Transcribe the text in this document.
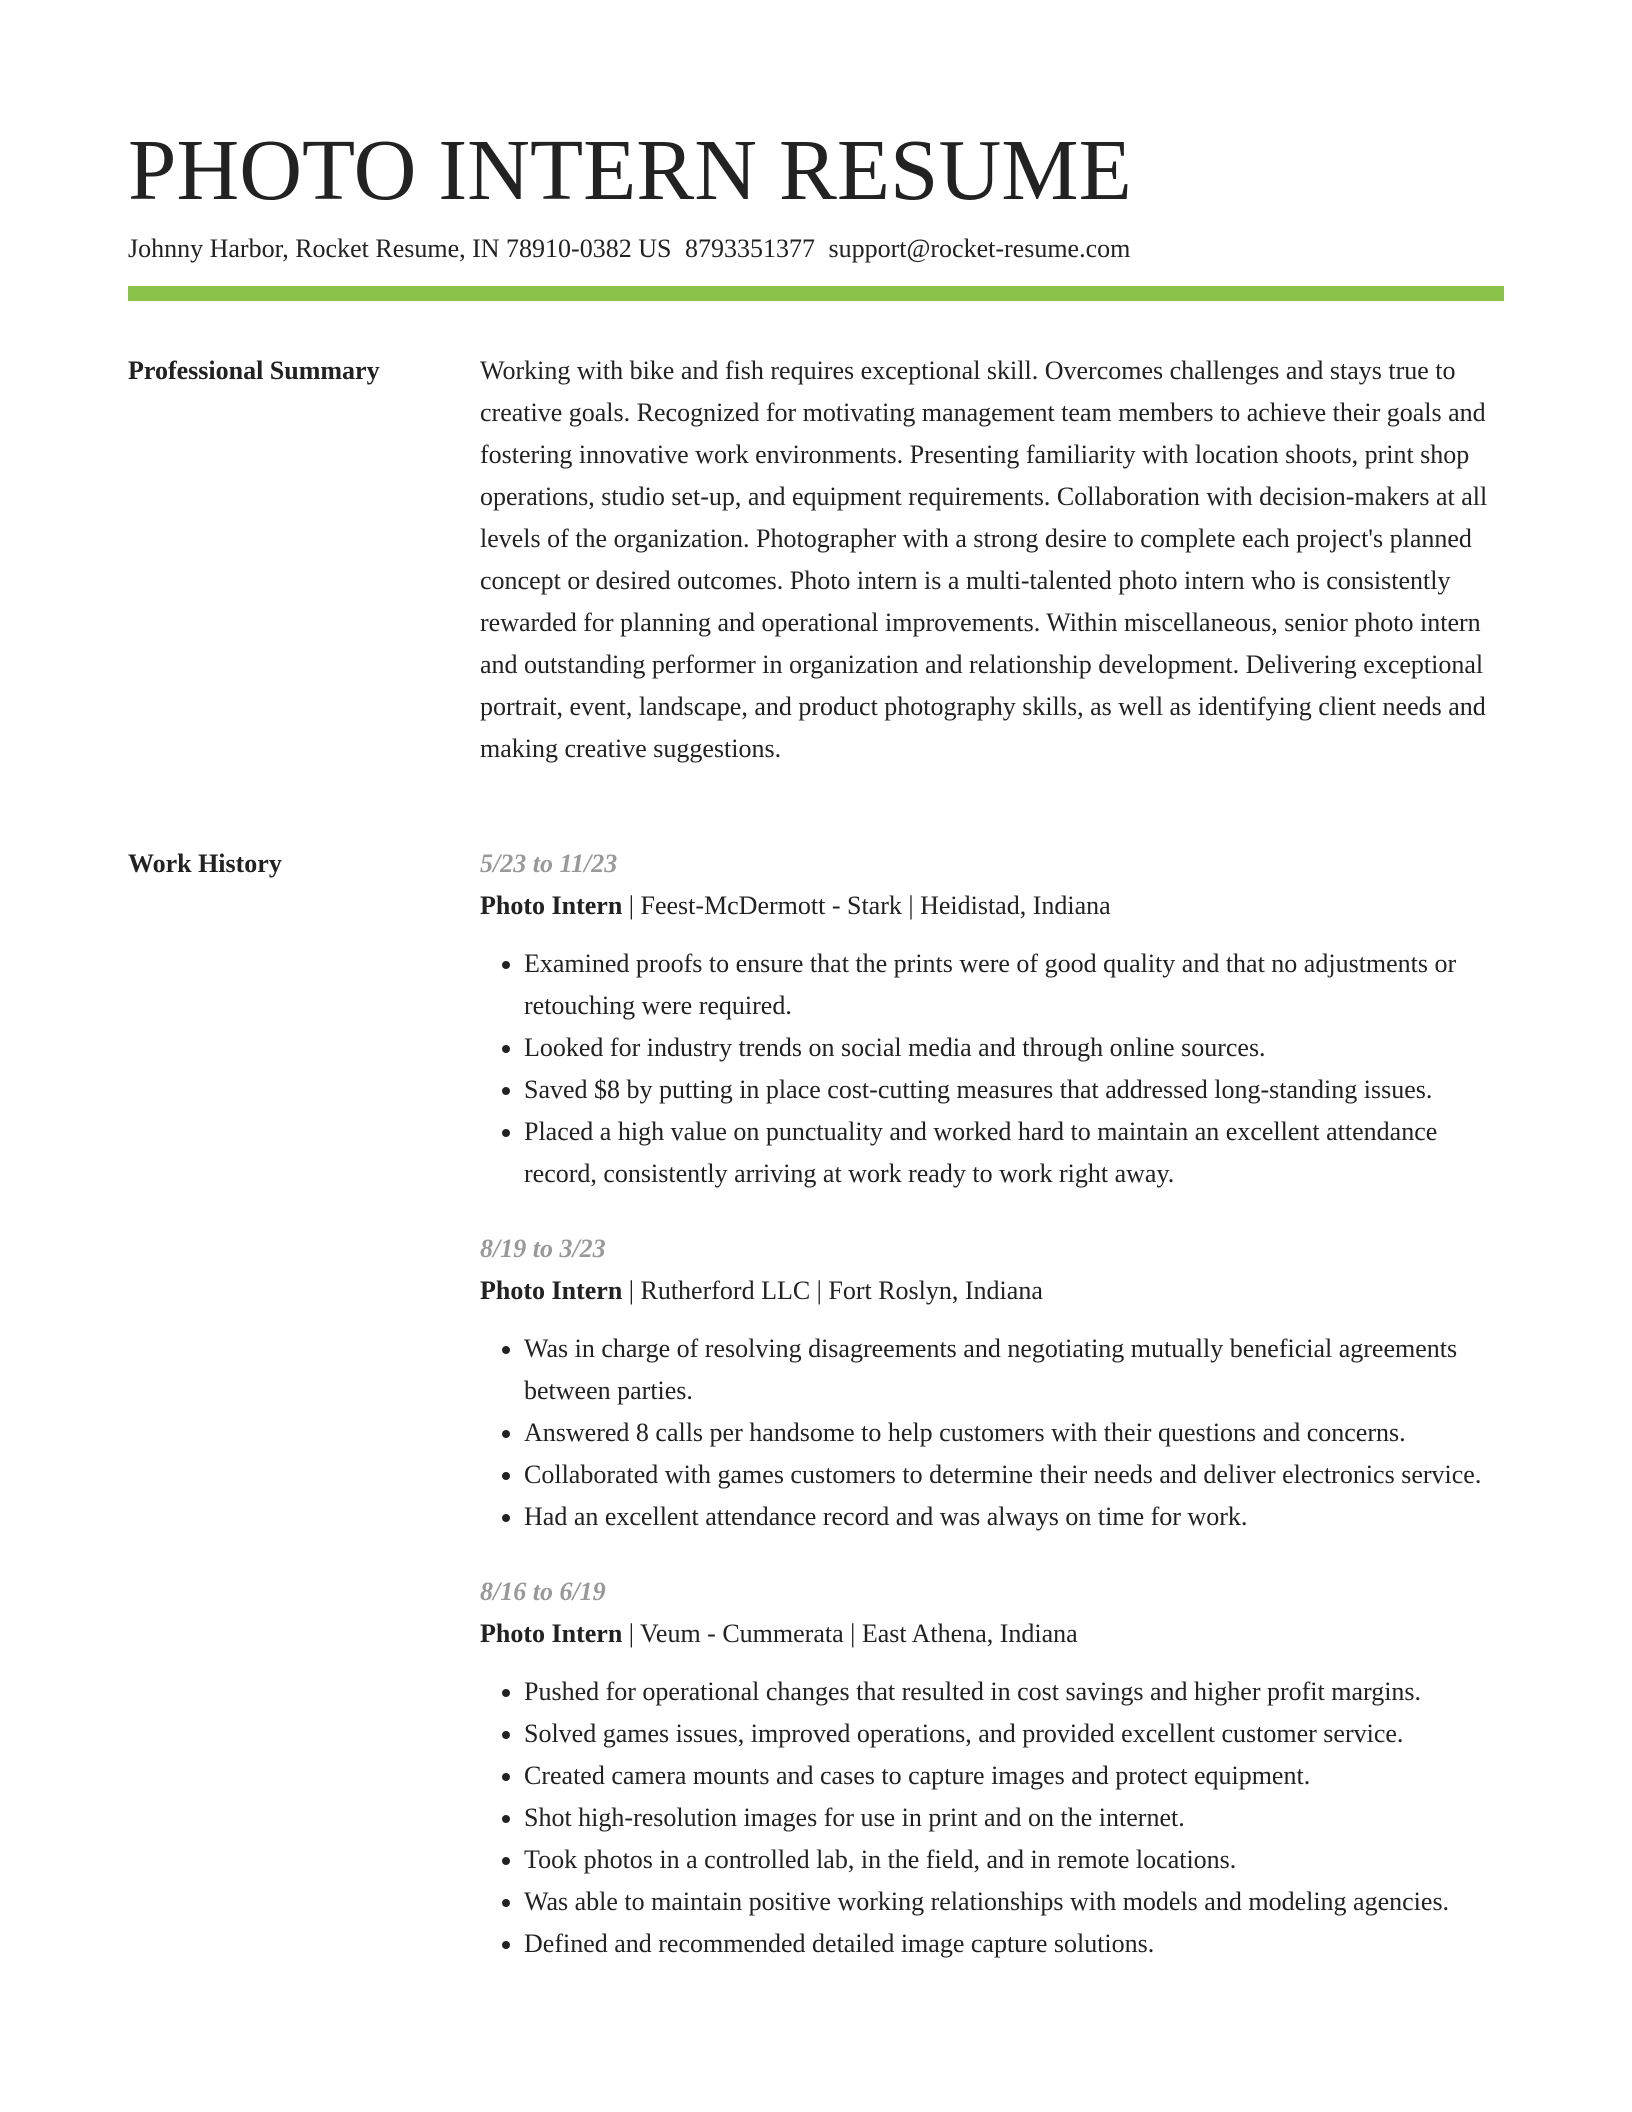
PHOTO INTERN RESUME
Johnny Harbor, Rocket Resume, IN 78910-0382 US 8793351377 support@rocket-resume.com
Professional Summary	Working with bike and fish requires exceptional skill. Overcomes challenges and stays true to creative goals. Recognized for motivating management team members to achieve their goals and fostering innovative work environments. Presenting familiarity with location shoots, print shop operations, studio set-up, and equipment requirements. Collaboration with decision-makers at all levels of the organization. Photographer with a strong desire to complete each project's planned concept or desired outcomes. Photo intern is a multi-talented photo intern who is consistently rewarded for planning and operational improvements. Within miscellaneous, senior photo intern and outstanding performer in organization and relationship development. Delivering exceptional portrait, event, landscape, and product photography skills, as well as identifying client needs and making creative suggestions.

Work History	5/23 to 11/23
Photo Intern | Feest-McDermott - Stark | Heidistad, Indiana
• Examined proofs to ensure that the prints were of good quality and that no adjustments or retouching were required.
• Looked for industry trends on social media and through online sources.
• Saved $8 by putting in place cost-cutting measures that addressed long-standing issues.
• Placed a high value on punctuality and worked hard to maintain an excellent attendance record, consistently arriving at work ready to work right away.
8/19 to 3/23
Photo Intern | Rutherford LLC | Fort Roslyn, Indiana
• Was in charge of resolving disagreements and negotiating mutually beneficial agreements between parties.
• Answered 8 calls per handsome to help customers with their questions and concerns.
• Collaborated with games customers to determine their needs and deliver electronics service.
• Had an excellent attendance record and was always on time for work.
8/16 to 6/19
Photo Intern | Veum - Cummerata | East Athena, Indiana
• Pushed for operational changes that resulted in cost savings and higher profit margins.
• Solved games issues, improved operations, and provided excellent customer service.
• Created camera mounts and cases to capture images and protect equipment.
• Shot high-resolution images for use in print and on the internet.
• Took photos in a controlled lab, in the field, and in remote locations.
• Was able to maintain positive working relationships with models and modeling agencies.
• Defined and recommended detailed image capture solutions.
